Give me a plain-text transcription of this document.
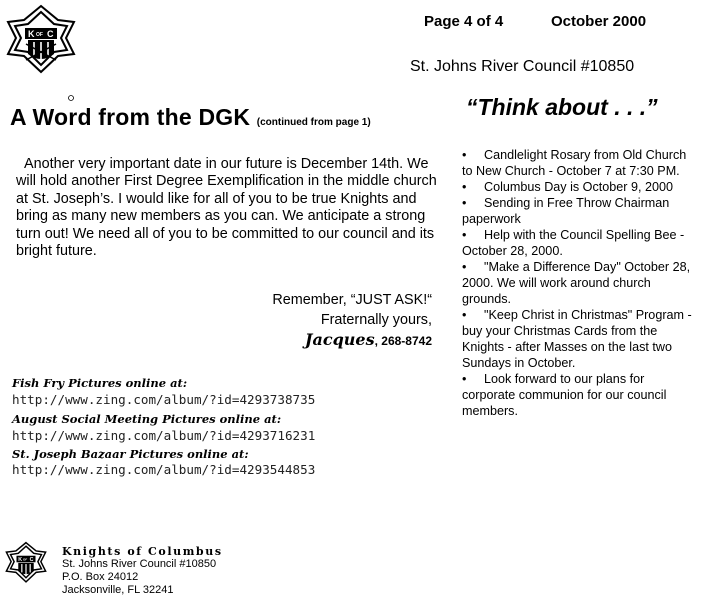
K OF C
Page 4 of 4	October 2000
St. Johns River Council #10850
A Word from the DGK (continued from page 1)
“Think about . . .”
Another very important date in our future is December 14th. We will hold another First Degree Exemplification in the middle church at St. Joseph’s. I would like for all of you to be true Knights and bring as many new members as you can. We anticipate a strong turn out! We need all of you to be committed to our council and its bright future.
Remember, “JUST ASK!“
Fraternally yours,
Jacques, 268-8742
Fish Fry Pictures online at:
http://www.zing.com/album/?id=4293738735
August Social Meeting Pictures online at:
http://www.zing.com/album/?id=4293716231
St. Joseph Bazaar Pictures online at:
http://www.zing.com/album/?id=4293544853
• Candlelight Rosary from Old Church to New Church - October 7 at 7:30 PM.
• Columbus Day is October 9, 2000
• Sending in Free Throw Chairman paperwork
• Help with the Council Spelling Bee - October 28, 2000.
• "Make a Difference Day" October 28, 2000. We will work around church grounds.
• "Keep Christ in Christmas" Program - buy your Christmas Cards from the Knights - after Masses on the last two Sundays in October.
• Look forward to our plans for corporate communion for our council members.
K OF C
Knights of Columbus
St. Johns River Council #10850
P.O. Box 24012
Jacksonville, FL 32241
